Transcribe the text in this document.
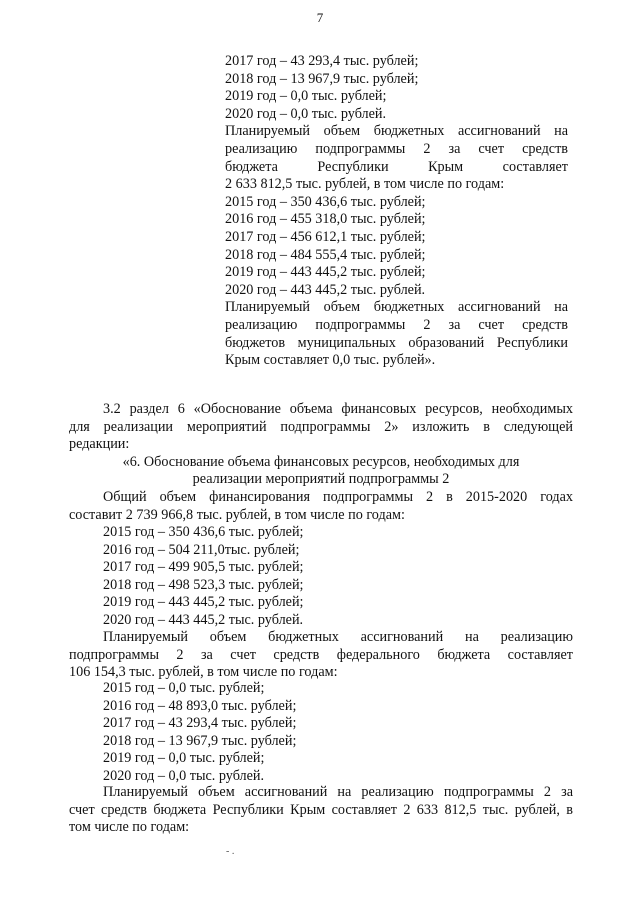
7
2017 год – 43 293,4 тыс. рублей;
2018 год – 13 967,9 тыс. рублей;
2019 год – 0,0 тыс. рублей;
2020 год – 0,0 тыс. рублей.
Планируемый объем бюджетных ассигнований на
реализацию подпрограммы 2 за счет средств
бюджета Республики Крым составляет
2 633 812,5 тыс. рублей, в том числе по годам:
2015 год – 350 436,6 тыс. рублей;
2016 год – 455 318,0 тыс. рублей;
2017 год – 456 612,1 тыс. рублей;
2018 год – 484 555,4 тыс. рублей;
2019 год – 443 445,2 тыс. рублей;
2020 год – 443 445,2 тыс. рублей.
Планируемый объем бюджетных ассигнований на
реализацию подпрограммы 2 за счет средств
бюджетов муниципальных образований Республики
Крым составляет 0,0 тыс. рублей».
3.2 раздел 6 «Обоснование объема финансовых ресурсов, необходимых
для реализации мероприятий подпрограммы 2» изложить в следующей
редакции:
«6. Обоснование объема финансовых ресурсов, необходимых для
реализации мероприятий подпрограммы 2
Общий объем финансирования подпрограммы 2 в 2015-2020 годах
составит 2 739 966,8 тыс. рублей, в том числе по годам:
2015 год – 350 436,6 тыс. рублей;
2016 год – 504 211,0тыс. рублей;
2017 год – 499 905,5 тыс. рублей;
2018 год – 498 523,3 тыс. рублей;
2019 год – 443 445,2 тыс. рублей;
2020 год – 443 445,2 тыс. рублей.
Планируемый объем бюджетных ассигнований на реализацию
подпрограммы 2 за счет средств федерального бюджета составляет
106 154,3 тыс. рублей, в том числе по годам:
2015 год – 0,0 тыс. рублей;
2016 год – 48 893,0 тыс. рублей;
2017 год – 43 293,4 тыс. рублей;
2018 год – 13 967,9 тыс. рублей;
2019 год – 0,0 тыс. рублей;
2020 год – 0,0 тыс. рублей.
Планируемый объем ассигнований на реализацию подпрограммы 2 за
счет средств бюджета Республики Крым составляет 2 633 812,5 тыс. рублей, в
том числе по годам:
- .
